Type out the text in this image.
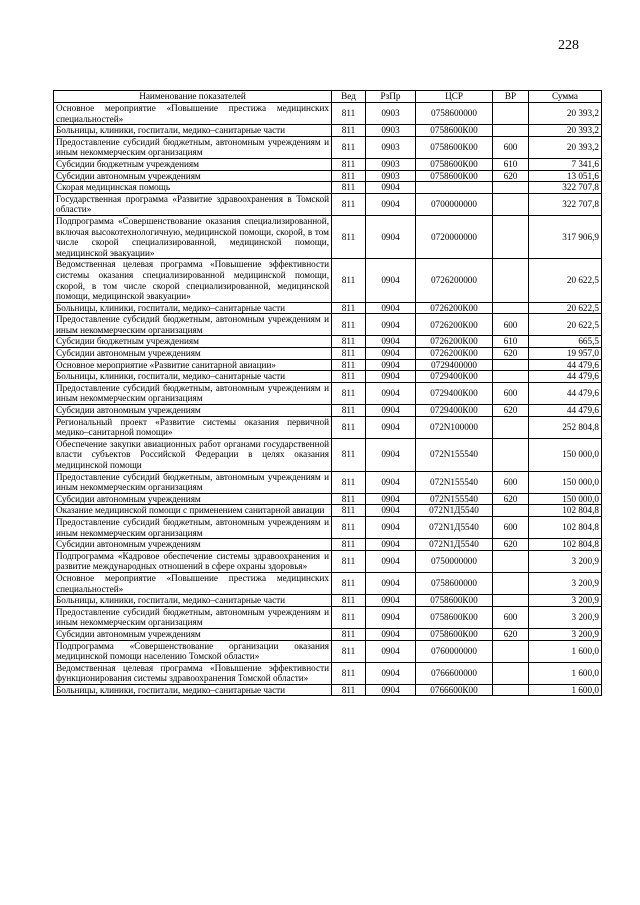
228
Наименование показателей	Вед	РзПр	ЦСР	ВР	Сумма
Основное мероприятие «Повышение престижа медицинских специальностей»	811	0903	0758600000		20 393,2
Больницы, клиники, госпитали, медико–санитарные части	811	0903	0758600К00		20 393,2
Предоставление субсидий бюджетным, автономным учреждениям и иным некоммерческим организациям	811	0903	0758600К00	600	20 393,2
Субсидии бюджетным учреждениям	811	0903	0758600К00	610	7 341,6
Субсидии автономным учреждениям	811	0903	0758600К00	620	13 051,6
Скорая медицинская помощь	811	0904			322 707,8
Государственная программа «Развитие здравоохранения в Томской области»	811	0904	0700000000		322 707,8
Подпрограмма «Совершенствование оказания специализированной, включая высокотехнологичную, медицинской помощи, скорой, в том числе скорой специализированной, медицинской помощи, медицинской эвакуации»	811	0904	0720000000		317 906,9
Ведомственная целевая программа «Повышение эффективности системы оказания специализированной медицинской помощи, скорой, в том числе скорой специализированной, медицинской помощи, медицинской эвакуации»	811	0904	0726200000		20 622,5
Больницы, клиники, госпитали, медико–санитарные части	811	0904	0726200К00		20 622,5
Предоставление субсидий бюджетным, автономным учреждениям и иным некоммерческим организациям	811	0904	0726200К00	600	20 622,5
Субсидии бюджетным учреждениям	811	0904	0726200К00	610	665,5
Субсидии автономным учреждениям	811	0904	0726200К00	620	19 957,0
Основное мероприятие «Развитие санитарной авиации»	811	0904	0729400000		44 479,6
Больницы, клиники, госпитали, медико–санитарные части	811	0904	0729400К00		44 479,6
Предоставление субсидий бюджетным, автономным учреждениям и иным некоммерческим организациям	811	0904	0729400К00	600	44 479,6
Субсидии автономным учреждениям	811	0904	0729400К00	620	44 479,6
Региональный проект «Развитие системы оказания первичной медико–санитарной помощи»	811	0904	072N100000		252 804,8
Обеспечение закупки авиационных работ органами государственной власти субъектов Российской Федерации в целях оказания медицинской помощи	811	0904	072N155540		150 000,0
Предоставление субсидий бюджетным, автономным учреждениям и иным некоммерческим организациям	811	0904	072N155540	600	150 000,0
Субсидии автономным учреждениям	811	0904	072N155540	620	150 000,0
Оказание медицинской помощи с применением санитарной авиации	811	0904	072N1Д5540		102 804,8
Предоставление субсидий бюджетным, автономным учреждениям и иным некоммерческим организациям	811	0904	072N1Д5540	600	102 804,8
Субсидии автономным учреждениям	811	0904	072N1Д5540	620	102 804,8
Подпрограмма «Кадровое обеспечение системы здравоохранения и развитие международных отношений в сфере охраны здоровья»	811	0904	0750000000		3 200,9
Основное мероприятие «Повышение престижа медицинских специальностей»	811	0904	0758600000		3 200,9
Больницы, клиники, госпитали, медико–санитарные части	811	0904	0758600К00		3 200,9
Предоставление субсидий бюджетным, автономным учреждениям и иным некоммерческим организациям	811	0904	0758600К00	600	3 200,9
Субсидии автономным учреждениям	811	0904	0758600К00	620	3 200,9
Подпрограмма «Совершенствование организации оказания медицинской помощи населению Томской области»	811	0904	0760000000		1 600,0
Ведомственная целевая программа «Повышение эффективности функционирования системы здравоохранения Томской области»	811	0904	0766600000		1 600,0
Больницы, клиники, госпитали, медико–санитарные части	811	0904	0766600К00		1 600,0
